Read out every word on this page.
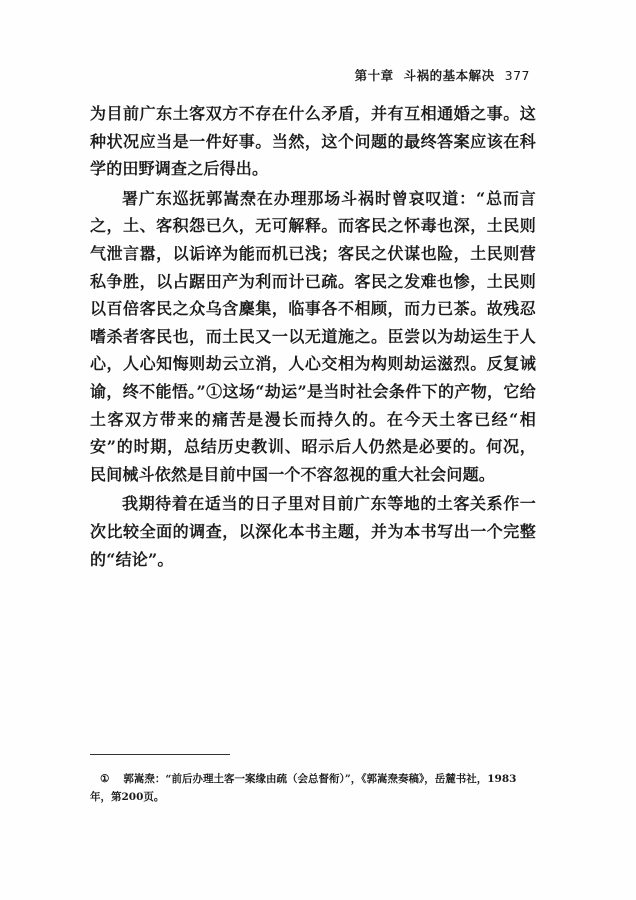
第十章 斗祸的基本解决 377

为目前广东土客双方不存在什么矛盾，并有互相通婚之事。这种状况应当是一件好事。当然，这个问题的最终答案应该在科学的田野调查之后得出。

署广东巡抚郭嵩焘在办理那场斗祸时曾哀叹道：“总而言之，土、客积怨已久，无可解释。而客民之怀毒也深，土民则气泄言嚣，以诟谇为能而机已浅；客民之伏谋也险，土民则营私争胜，以占踞田产为利而计已疏。客民之发难也惨，土民则以百倍客民之众乌含麇集，临事各不相顾，而力已茶。故残忍嗜杀者客民也，而土民又一以无道施之。臣尝以为劫运生于人心，人心知悔则劫云立消，人心交相为构则劫运滋烈。反复诫谕，终不能悟。”①这场“劫运”是当时社会条件下的产物，它给土客双方带来的痛苦是漫长而持久的。在今天土客已经“相安”的时期，总结历史教训、昭示后人仍然是必要的。何况，民间械斗依然是目前中国一个不容忽视的重大社会问题。

我期待着在适当的日子里对目前广东等地的土客关系作一次比较全面的调查，以深化本书主题，并为本书写出一个完整的“结论”。

① 郭嵩焘：“前后办理土客一案缘由疏（会总督衔）”，《郭嵩焘奏稿》，岳麓书社，1983年，第200页。
